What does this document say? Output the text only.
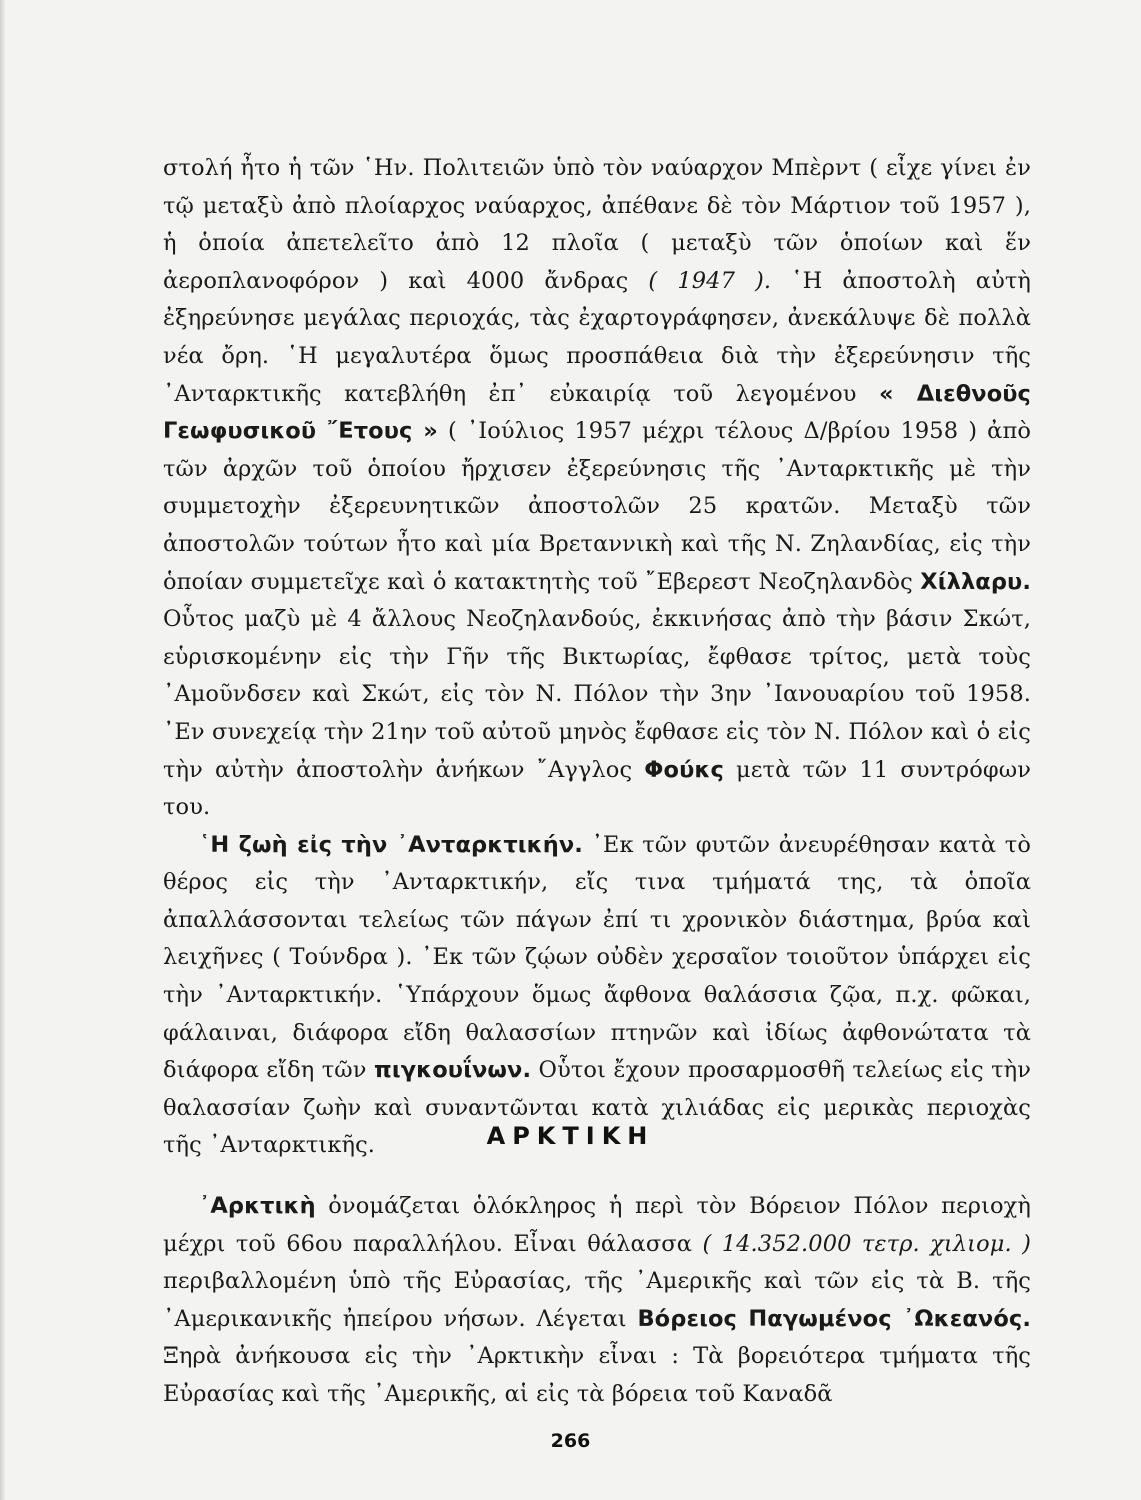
στολή ἦτο ἡ τῶν ῾Ην. Πολιτειῶν ὑπὸ τὸν ναύαρχον Μπὲρντ ( εἶχε γίνει ἐν τῷ μεταξὺ ἀπὸ πλοίαρχος ναύαρχος, ἀπέθανε δὲ τὸν Μάρτιον τοῦ 1957 ), ἡ ὁποία ἀπετελεῖτο ἀπὸ 12 πλοῖα ( μεταξὺ τῶν ὁποίων καὶ ἕν ἀεροπλανοφόρον ) καὶ 4000 ἄνδρας ( 1947 ). ῾Η ἀποστολὴ αὐτὴ ἐξηρεύνησε μεγάλας περιοχάς, τὰς ἐχαρτογράφησεν, ἀνεκάλυψε δὲ πολλὰ νέα ὄρη. ῾Η μεγαλυτέρα ὅμως προσπάθεια διὰ τὴν ἐξερεύνησιν τῆς ᾿Ανταρκτικῆς κατεβλήθη ἐπ᾿ εὐκαιρίᾳ τοῦ λεγομένου « Διεθνοῦς Γεωφυσικοῦ ῎Ετους » ( ᾿Ιούλιος 1957 μέχρι τέλους Δ/βρίου 1958 ) ἀπὸ τῶν ἀρχῶν τοῦ ὁποίου ἤρχισεν ἐξερεύνησις τῆς ᾿Ανταρκτικῆς μὲ τὴν συμμετοχὴν ἐξερευνητικῶν ἀποστολῶν 25 κρατῶν. Μεταξὺ τῶν ἀποστολῶν τούτων ἦτο καὶ μία Βρεταννικὴ καὶ τῆς Ν. Ζηλανδίας, εἰς τὴν ὁποίαν συμμετεῖχε καὶ ὁ κατακτητὴς τοῦ ῎Εβερεστ Νεοζηλανδὸς Χίλλαρυ. Οὗτος μαζὺ μὲ 4 ἄλλους Νεοζηλανδούς, ἐκκινήσας ἀπὸ τὴν βάσιν Σκώτ, εὑρισκομένην εἰς τὴν Γῆν τῆς Βικτωρίας, ἔφθασε τρίτος, μετὰ τοὺς ᾿Αμοῦνδσεν καὶ Σκώτ, εἰς τὸν Ν. Πόλον τὴν 3ην ᾿Ιανουαρίου τοῦ 1958. ᾿Εν συνεχείᾳ τὴν 21ην τοῦ αὐτοῦ μηνὸς ἔφθασε εἰς τὸν Ν. Πόλον καὶ ὁ εἰς τὴν αὐτὴν ἀποστολὴν ἀνήκων ῎Αγγλος Φούκς μετὰ τῶν 11 συντρόφων του.

῾Η ζωὴ εἰς τὴν ᾿Ανταρκτικήν. ᾿Εκ τῶν φυτῶν ἀνευρέθησαν κατὰ τὸ θέρος εἰς τὴν ᾿Ανταρκτικήν, εἴς τινα τμήματά της, τὰ ὁποῖα ἀπαλλάσσονται τελείως τῶν πάγων ἐπί τι χρονικὸν διάστημα, βρύα καὶ λειχῆνες ( Τούνδρα ). ᾿Εκ τῶν ζῴων οὐδὲν χερσαῖον τοιοῦτον ὑπάρχει εἰς τὴν ᾿Ανταρκτικήν. ῾Υπάρχουν ὅμως ἄφθονα θαλάσσια ζῷα, π.χ. φῶκαι, φάλαιναι, διάφορα εἴδη θαλασσίων πτηνῶν καὶ ἰδίως ἀφθονώτατα τὰ διάφορα εἴδη τῶν πιγκουΐνων. Οὗτοι ἔχουν προσαρμοσθῆ τελείως εἰς τὴν θαλασσίαν ζωὴν καὶ συναντῶνται κατὰ χιλιάδας εἰς μερικὰς περιοχὰς τῆς ᾿Ανταρκτικῆς.	ΑΡΚΤΙΚΗ

᾿Αρκτικὴ ὀνομάζεται ὁλόκληρος ἡ περὶ τὸν Βόρειον Πόλον περιοχὴ μέχρι τοῦ 66ου παραλλήλου. Εἶναι θάλασσα ( 14.352.000 τετρ. χιλιομ. ) περιβαλλομένη ὑπὸ τῆς Εὐρασίας, τῆς ᾿Αμερικῆς καὶ τῶν εἰς τὰ Β. τῆς ᾿Αμερικανικῆς ἠπείρου νήσων. Λέγεται Βόρειος Παγωμένος ᾿Ωκεανός. Ξηρὰ ἀνήκουσα εἰς τὴν ᾿Αρκτικὴν εἶναι : Τὰ βορειότερα τμήματα τῆς Εὐρασίας καὶ τῆς ᾿Αμερικῆς, αἱ εἰς τὰ βόρεια τοῦ Καναδᾶ

266
